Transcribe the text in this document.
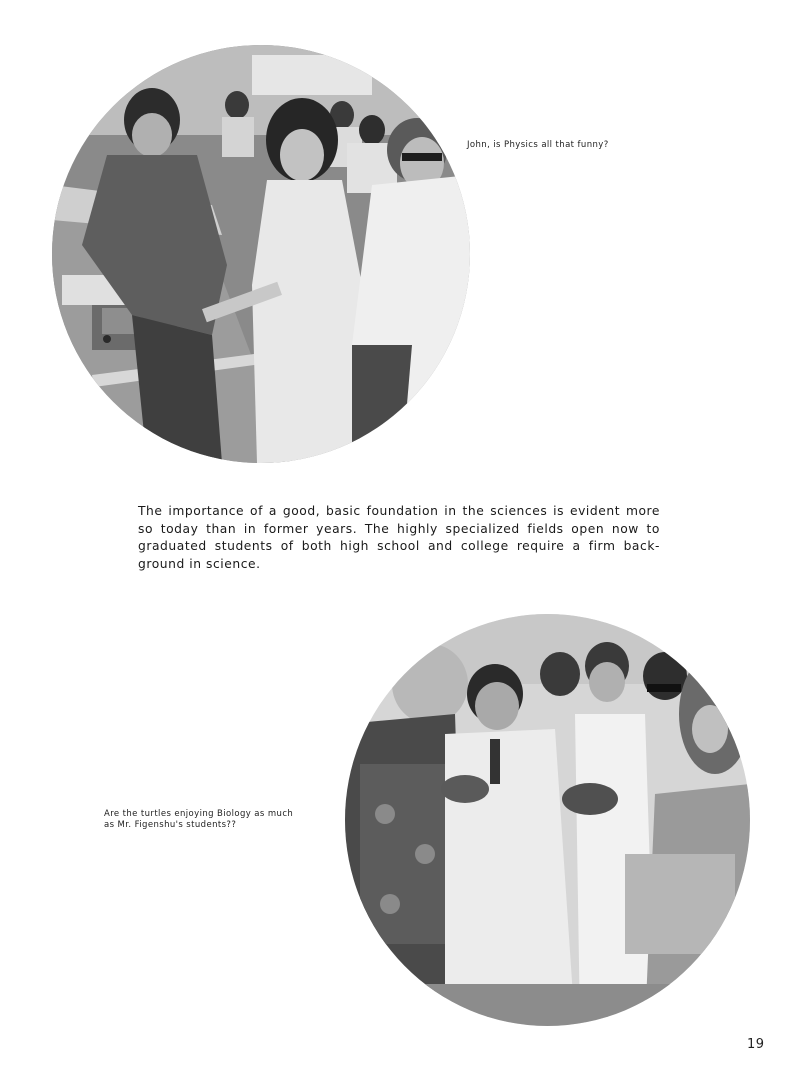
John, is Physics all that funny?

The importance of a good, basic foundation in the sciences is evident more so today than in former years. The highly specialized fields open now to graduated students of both high school and college require a firm back-ground in science.

Are the turtles enjoying Biology as much
as Mr. Figenshu's students??
19
